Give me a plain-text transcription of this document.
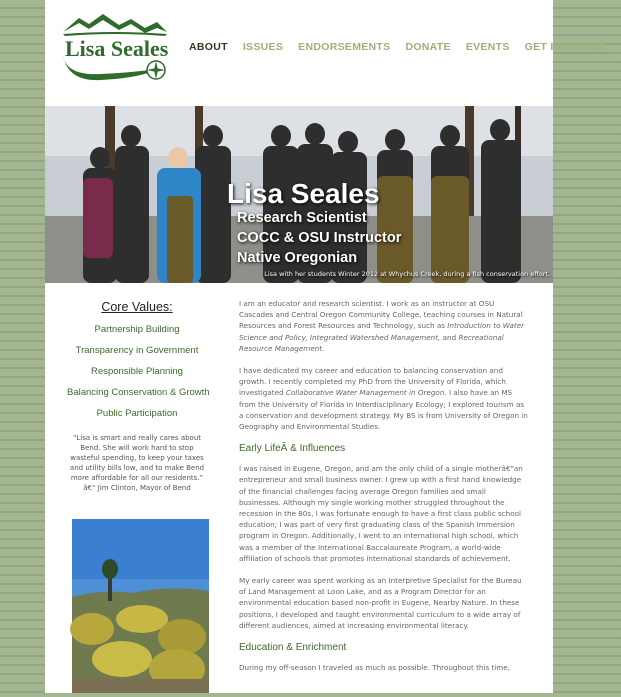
Lisa Seales ABOUT ISSUES ENDORSEMENTS DONATE EVENTS GET INVOLVED
Lisa Seales
Research Scientist
COCC & OSU Instructor
Native Oregonian
Lisa with her students Winter 2012 at Whychus Creek, during a fish conservation effort.
Core Values:
Partnership Building
Transparency in Government
Responsible Planning
Balancing Conservation & Growth
Public Participation
“Lisa is smart and really cares about Bend. She will work hard to stop wasteful spending, to keep your taxes and utility bills low, and to make Bend more affordable for all our residents.”
â€“ Jim Clinton, Mayor of Bend

I am an educator and research scientist. I work as an instructor at OSU Cascades and Central Oregon Community College, teaching courses in Natural Resources and Forest Resources and Technology, such as Introduction to Water Science and Policy, Integrated Watershed Management, and Recreational Resource Management.

I have dedicated my career and education to balancing conservation and growth. I recently completed my PhD from the University of Florida, which investigated Collaborative Water Management in Oregon. I also have an MS from the University of Florida in Interdisciplinary Ecology; I explored tourism as a conservation and development strategy. My BS is from University of Oregon in Geography and Environmental Studies.

Early LifeÂ & Influences

I was raised in Eugene, Oregon, and am the only child of a single motherâ€"an entrepreneur and small business owner. I grew up with a first hand knowledge of the financial challenges facing average Oregon families and small businesses. Although my single working mother struggled throughout the recession in the 80s, I was fortunate enough to have a first class public school education; I was part of very first graduating class of the Spanish Immersion program in Oregon. Additionally, I went to an international high school, which was a member of the International Baccalaureate Program, a world-wide affiliation of schools that promotes international standards of achievement.

My early career was spent working as an Interpretive Specialist for the Bureau of Land Management at Loon Lake, and as a Program Director for an environmental education based non-profit in Eugene, Nearby Nature. In these positions, I developed and taught environmental curriculum to a wide array of different audiences, aimed at increasing environmental literacy.

Education & Enrichment

During my off-season I traveled as much as possible. Throughout this time,
